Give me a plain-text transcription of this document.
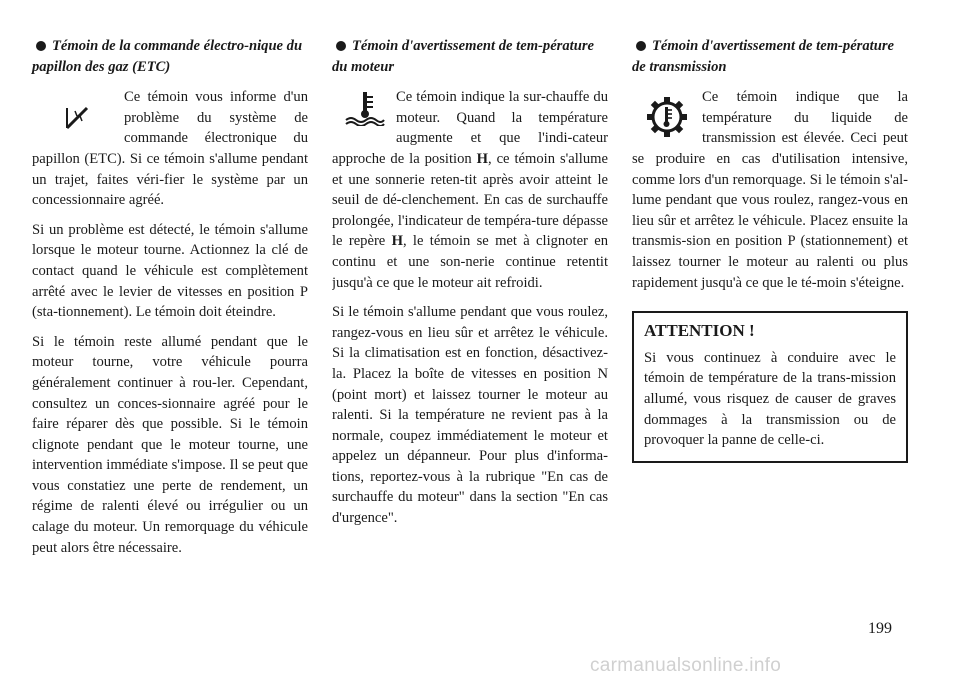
Témoin de la commande électro-nique du papillon des gaz (ETC)
Ce témoin vous informe d'un problème du système de commande électronique du papillon (ETC). Si ce témoin s'allume pendant un trajet, faites véri-fier le système par un concessionnaire agréé.

Si un problème est détecté, le témoin s'allume lorsque le moteur tourne. Actionnez la clé de contact quand le véhicule est complètement arrêté avec le levier de vitesses en position P (sta-tionnement). Le témoin doit éteindre.

Si le témoin reste allumé pendant que le moteur tourne, votre véhicule pourra généralement continuer à rou-ler. Cependant, consultez un conces-sionnaire agréé pour le faire réparer dès que possible. Si le témoin clignote pendant que le moteur tourne, une intervention immédiate s'impose. Il se peut que vous constatiez une perte de rendement, un régime de ralenti élevé ou irrégulier ou un calage du moteur. Un remorquage du véhicule peut alors être nécessaire.

Témoin d'avertissement de tem-pérature du moteur
Ce témoin indique la sur-chauffe du moteur. Quand la température augmente et que l'indi-cateur approche de la position H, ce témoin s'allume et une sonnerie reten-tit après avoir atteint le seuil de dé-clenchement. En cas de surchauffe prolongée, l'indicateur de tempéra-ture dépasse le repère H, le témoin se met à clignoter en continu et une son-nerie continue retentit jusqu'à ce que le moteur ait refroidi.

Si le témoin s'allume pendant que vous roulez, rangez-vous en lieu sûr et arrêtez le véhicule. Si la climatisation est en fonction, désactivez-la. Placez la boîte de vitesses en position N (point mort) et laissez tourner le moteur au ralenti. Si la température ne revient pas à la normale, coupez immédiatement le moteur et appelez un dépanneur. Pour plus d'informa-tions, reportez-vous à la rubrique "En cas de surchauffe du moteur" dans la section "En cas d'urgence".

Témoin d'avertissement de tem-pérature de transmission
Ce témoin indique que la température du liquide de transmission est élevée. Ceci peut se produire en cas d'utilisation intensive, comme lors d'un remorquage. Si le témoin s'al-lume pendant que vous roulez, rangez-vous en lieu sûr et arrêtez le véhicule. Placez ensuite la transmis-sion en position P (stationnement) et laissez tourner le moteur au ralenti ou plus rapidement jusqu'à ce que le té-moin s'éteigne.
ATTENTION !

Si vous continuez à conduire avec le témoin de température de la trans-mission allumé, vous risquez de causer de graves dommages à la transmission ou de provoquer la panne de celle-ci.

199
carmanualsonline.info
